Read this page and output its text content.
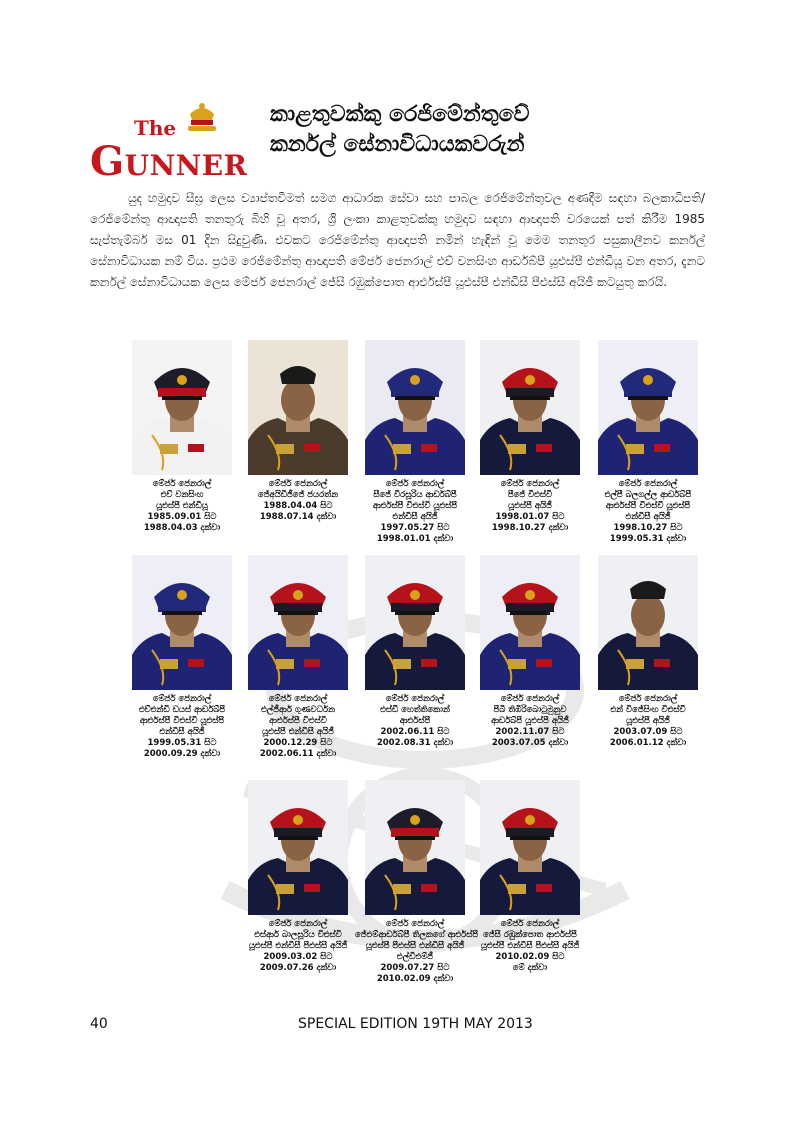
The
GUNNER
කාළතුවක්කු රෙජිමේන්තුවේ
කර්නල් සේනාවිධායකවරුන්
යුද හමුදාව සීඝ්‍ර ලෙස ව්‍යාප්තවීමත් සමග ආධාරක සේවා සහ පාබල රෙජිමේන්තුවල අණදීම සඳහා බලකාධිපති/රෙජිමේන්තු ආඥාපති තනතුරු බිහි වූ අතර, ශ්‍රී ලංකා කාළතුවක්කු හමුදාව සඳහා ආඥාපති වරයෙක් පත් කිරීම 1985 සැප්තැම්බර් මස 01 දින සිදුවුණි. එවකට රෙජිමේන්තු ආඥාපති නමින් හැඳින් වූ මෙම තනතුර පසුකාලීනව කර්නල් සේනාවිධායක නම් විය. ප්‍රථම රෙජිමේන්තු ආඥාපති මේජර් ජෙනරාල් එච් වනසිංහ ආර්ඩබ්පී යූඑස්පී එන්ඩීයූ වන අතර, දැනට කර්නල් සේනාවිධායක ලෙස මේජර් ජෙනරාල් ජේසී රඹුක්පොත ආර්එස්පී යූඑස්පී එන්ඩීසී පීඑස්සී අයිජී කටයුතු කරයි.
මේජර් ජෙනරාල්
එච් වනසිංහ
යූඑස්පී එන්ඩීයූ
1985.09.01 සිට
1988.04.03 දක්වා
මේජර් ජෙනරාල්
ජේඅයිඩීජීජේ ජයරත්න
1988.04.04 සිට
1988.07.14 දක්වා
මේජර් ජෙනරාල්
සීජේ වීරසූරිය ආර්ඩබ්පී
ආර්එස්පී වීඑස්වී යූඑස්පී
එන්ඩීසී අයිජී
1997.05.27 සිට
1998.01.01 දක්වා
මේජර් ජෙනරාල්
පීජේ වීඑස්වී
යූඑස්පී අයිජී
1998.01.07 සිට
1998.10.27 දක්වා
මේජර් ජෙනරාල්
එල්පී බලගල්ල ආර්ඩබ්පී
ආර්එස්පී වීඑස්වී යූඑස්පී
එන්ඩීසී අයිජී
1998.10.27 සිට
1999.05.31 දක්වා
මේජර් ජෙනරාල්
එච්එන්ඩී ඩයස් ආර්ඩබ්පී
ආර්එස්පී වීඑස්වී යූඑස්පී
එන්ඩීසී අයිජී
1999.05.31 සිට
2000.09.29 දක්වා
මේජර් ජෙනරාල්
එල්ජීආර් ගුණවර්ධන
ආර්එස්පී වීඑස්වී
යූඑස්පී එන්ඩීසී අයිජී
2000.12.29 සිට
2002.06.11 දක්වා
මේජර් ජෙනරාල්
එස්ඩී හෙත්තිකොන්
ආර්එස්පී
2002.06.11 සිට
2002.08.31 දක්වා
මේජර් ජෙනරාල්
පීබී තිඹිරිබොටුමුනුව
ආර්ඩබ්පී යූඑස්පී අයිජී
2002.11.07 සිට
2003.07.05 දක්වා
මේජර් ජෙනරාල්
එන් විජේසිංහ වීඑස්වී
යූඑස්පී අයිජී
2003.07.09 සිට
2006.01.12 දක්වා
මේජර් ජෙනරාල්
එස්ආර් බාලසූරිය වීඑස්වී
යූඑස්පී එන්ඩීසී පීඑස්සී අයිජී
2009.03.02 සිට
2009.07.26 දක්වා
මේජර් ජෙනරාල්
ජේඑම්ආර්ඩබ්පී තිලකගේ ආර්එස්පී
යූඑස්පී පීඑස්සී එන්ඩීසී අයිජී
එල්ඩීඑම්ජී
2009.07.27 සිට
2010.02.09 දක්වා
මේජර් ජෙනරාල්
ජේසී රඹුක්පොත ආර්එස්පී
යූඑස්පී එන්ඩීසී පීඑස්සී අයිජී
2010.02.09 සිට
මේ දක්වා
40	SPECIAL EDITION 19TH MAY 2013
